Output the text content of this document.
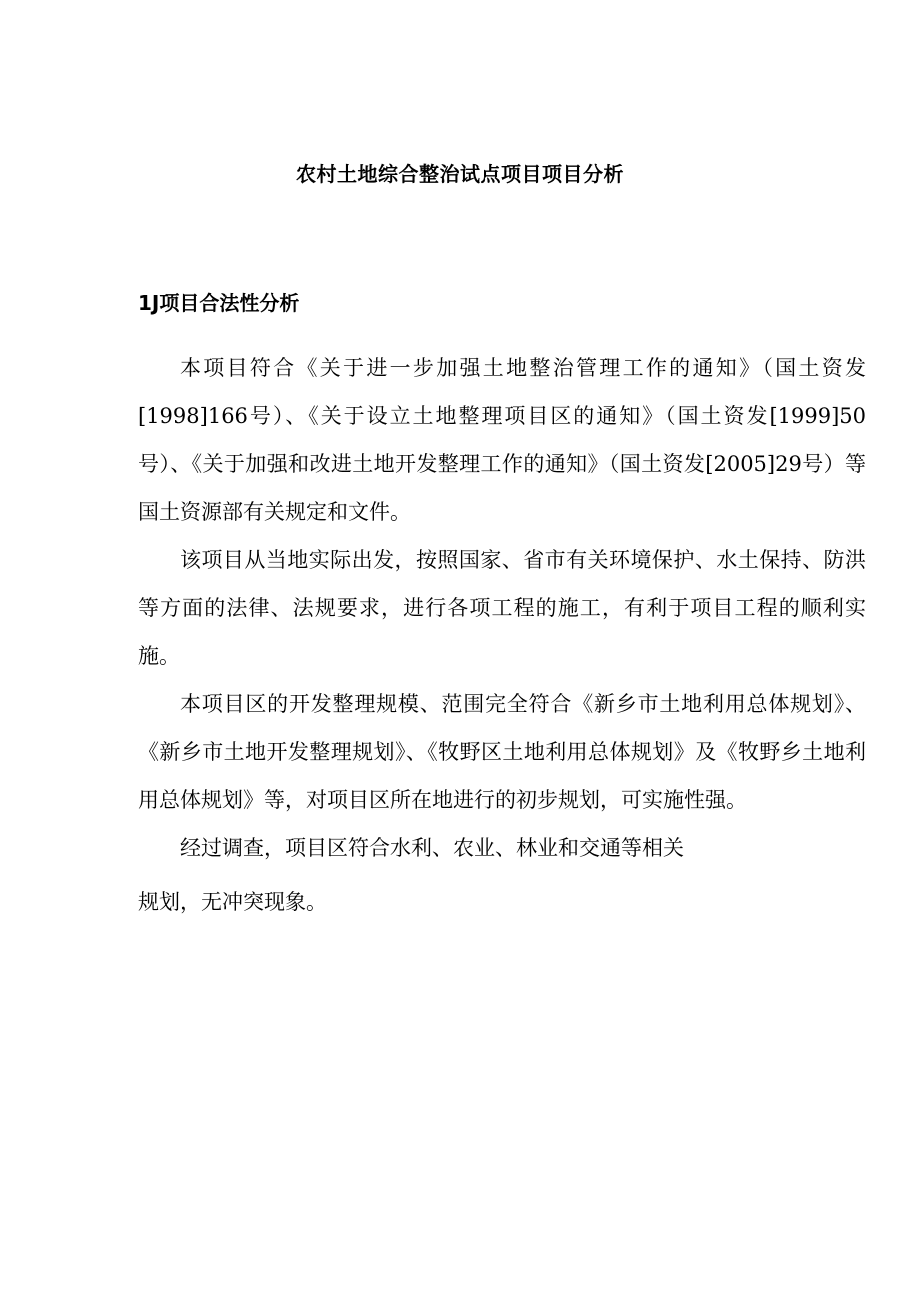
农村土地综合整治试点项目项目分析
1J项目合法性分析

本项目符合《关于进一步加强土地整治管理工作的通知》（国土资发[1998]166号）、《关于设立土地整理项目区的通知》（国土资发[1999]50号）、《关于加强和改进土地开发整理工作的通知》（国土资发[2005]29号）等国土资源部有关规定和文件。

该项目从当地实际出发，按照国家、省市有关环境保护、水土保持、防洪等方面的法律、法规要求，进行各项工程的施工，有利于项目工程的顺利实施。

本项目区的开发整理规模、范围完全符合《新乡市土地利用总体规划》、《新乡市土地开发整理规划》、《牧野区土地利用总体规划》及《牧野乡土地利用总体规划》等，对项目区所在地进行的初步规划，可实施性强。

经过调查，项目区符合水利、农业、林业和交通等相关

规划，无冲突现象。
